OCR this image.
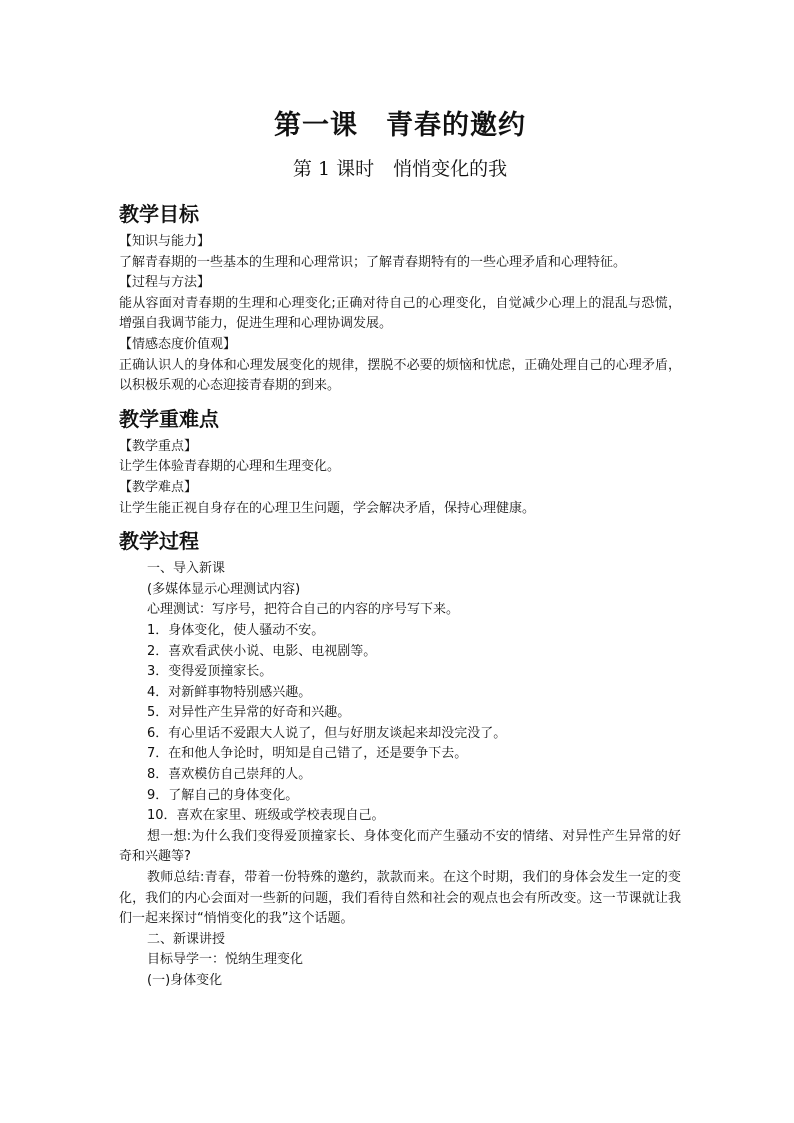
第一课　青春的邀约
第 1 课时　悄悄变化的我
教学目标
【知识与能力】
了解青春期的一些基本的生理和心理常识；了解青春期特有的一些心理矛盾和心理特征。
【过程与方法】
能从容面对青春期的生理和心理变化;正确对待自己的心理变化，自觉减少心理上的混乱与恐慌，增强自我调节能力，促进生理和心理协调发展。
【情感态度价值观】
正确认识人的身体和心理发展变化的规律，摆脱不必要的烦恼和忧虑，正确处理自己的心理矛盾，以积极乐观的心态迎接青春期的到来。
教学重难点
【教学重点】
让学生体验青春期的心理和生理变化。
【教学难点】
让学生能正视自身存在的心理卫生问题，学会解决矛盾，保持心理健康。
教学过程
一、导入新课
(多媒体显示心理测试内容)
心理测试：写序号，把符合自己的内容的序号写下来。
1．身体变化，使人骚动不安。
2．喜欢看武侠小说、电影、电视剧等。
3．变得爱顶撞家长。
4．对新鲜事物特别感兴趣。
5．对异性产生异常的好奇和兴趣。
6．有心里话不爱跟大人说了，但与好朋友谈起来却没完没了。
7．在和他人争论时，明知是自己错了，还是要争下去。
8．喜欢模仿自己崇拜的人。
9．了解自己的身体变化。
10．喜欢在家里、班级或学校表现自己。
想一想:为什么我们变得爱顶撞家长、身体变化而产生骚动不安的情绪、对异性产生异常的好奇和兴趣等?
教师总结:青春，带着一份特殊的邀约，款款而来。在这个时期，我们的身体会发生一定的变化，我们的内心会面对一些新的问题，我们看待自然和社会的观点也会有所改变。这一节课就让我们一起来探讨“悄悄变化的我”这个话题。
二、新课讲授
目标导学一：悦纳生理变化
(一)身体变化
